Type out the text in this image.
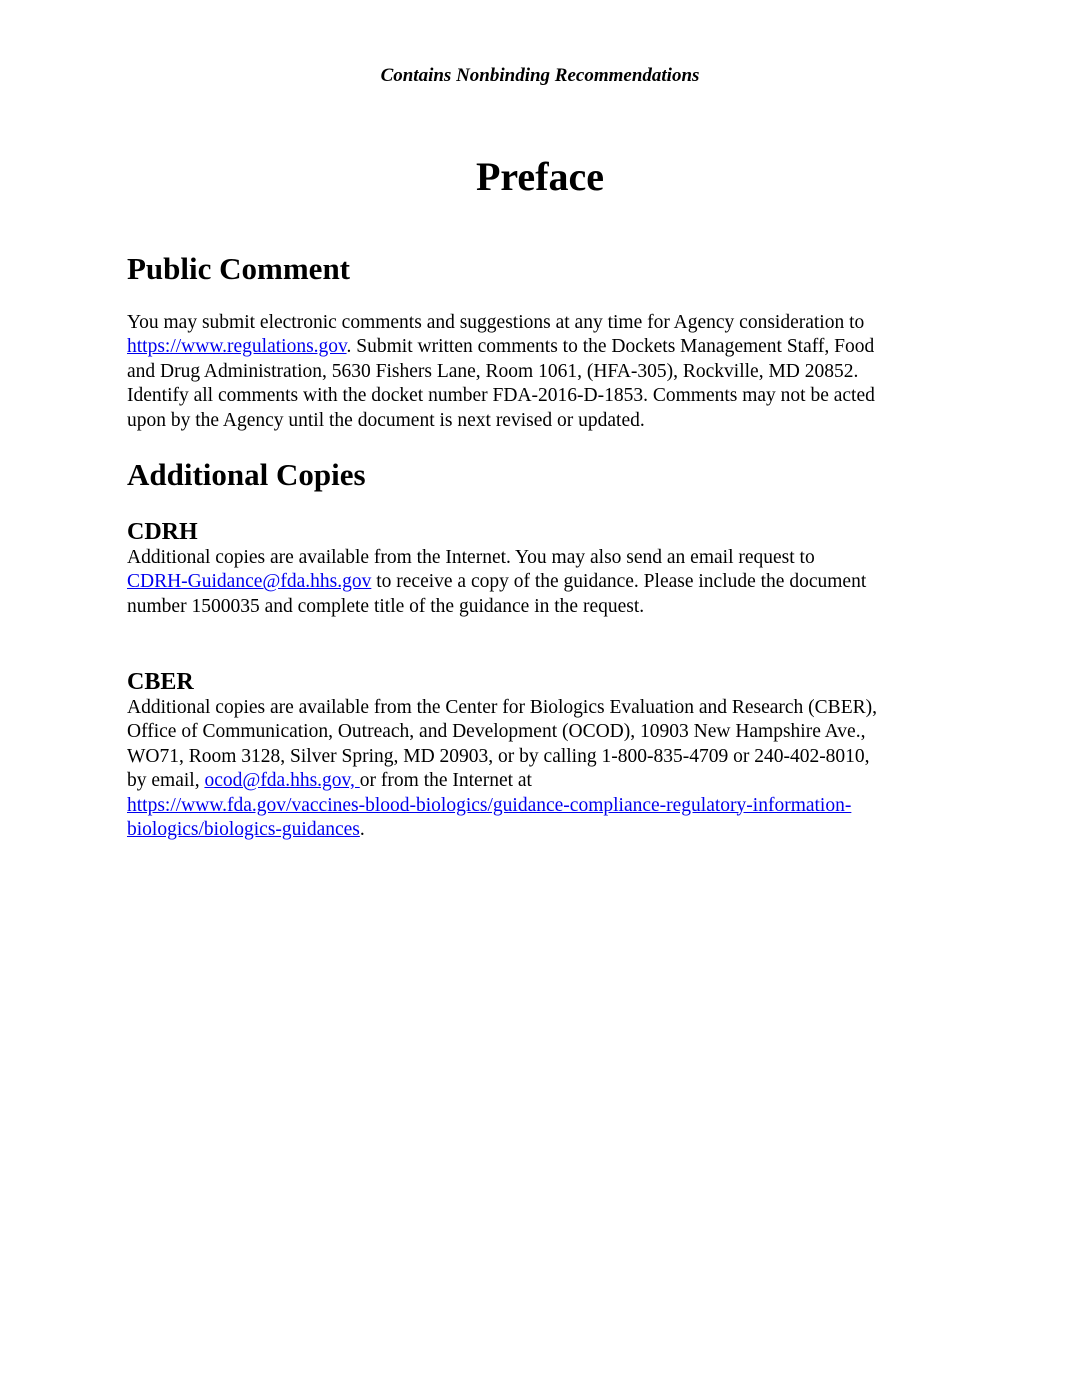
Contains Nonbinding Recommendations
Preface
Public Comment
You may submit electronic comments and suggestions at any time for Agency consideration to
https://www.regulations.gov. Submit written comments to the Dockets Management Staff, Food
and Drug Administration, 5630 Fishers Lane, Room 1061, (HFA-305), Rockville, MD 20852.
Identify all comments with the docket number FDA-2016-D-1853. Comments may not be acted
upon by the Agency until the document is next revised or updated.
Additional Copies
CDRH
Additional copies are available from the Internet. You may also send an email request to
CDRH-Guidance@fda.hhs.gov to receive a copy of the guidance. Please include the document
number 1500035 and complete title of the guidance in the request.
CBER
Additional copies are available from the Center for Biologics Evaluation and Research (CBER),
Office of Communication, Outreach, and Development (OCOD), 10903 New Hampshire Ave.,
WO71, Room 3128, Silver Spring, MD 20903, or by calling 1-800-835-4709 or 240-402-8010,
by email, ocod@fda.hhs.gov, or from the Internet at
https://www.fda.gov/vaccines-blood-biologics/guidance-compliance-regulatory-information-
biologics/biologics-guidances.
